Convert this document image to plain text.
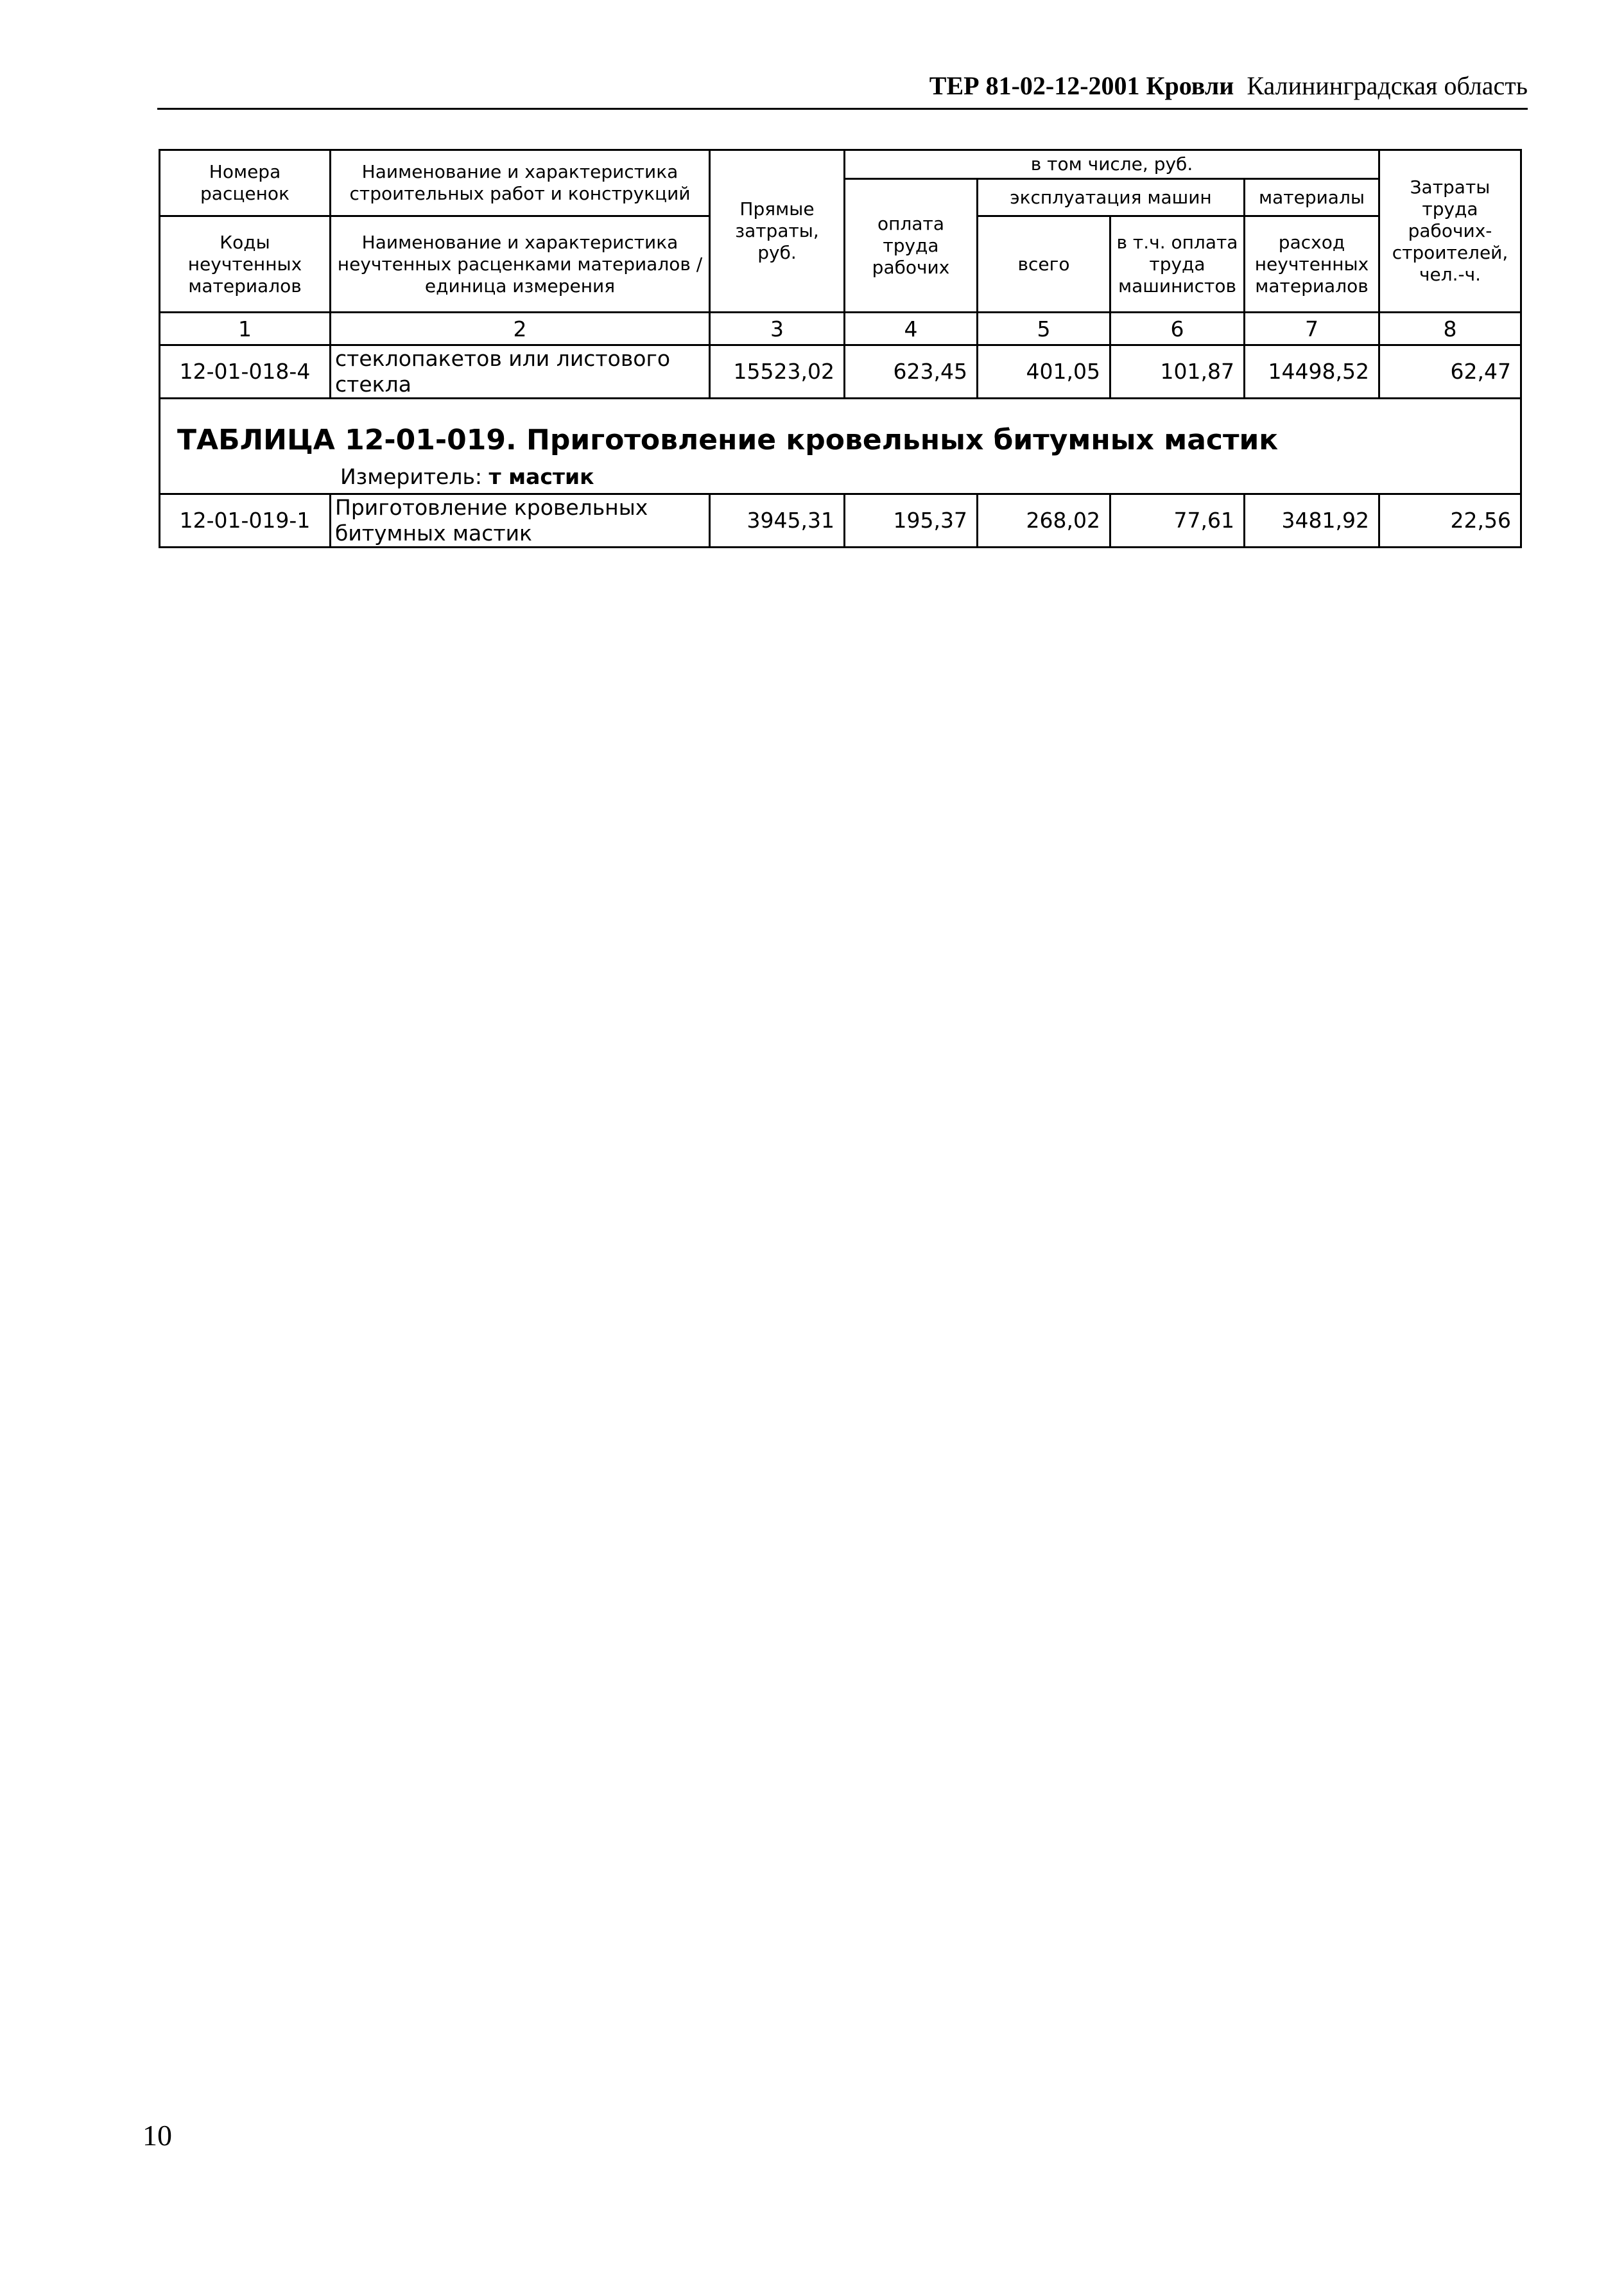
ТЕР 81-02-12-2001 Кровли Калининградская область
Номера расценок	Наименование и характеристика строительных работ и конструкций	Прямые затраты, руб.	в том числе, руб.				Затраты труда рабочих-строителей,
чел.-ч.
			оплата труда рабочих	эксплуатация машин		материалы	
Коды неучтенных материалов	Наименование и характеристика неучтенных расценками материалов / единица измерения			всего	в т.ч. оплата труда машинистов	расход неучтенных материалов	

1	2	3	4	5	6	7	8
12-01-018-4	стеклопакетов или листового стекла	15523,02	623,45	401,05	101,87	14498,52	62,47

ТАБЛИЦА 12-01-019. Приготовление кровельных битумных мастик
Измеритель: т мастик							

12-01-019-1	Приготовление кровельных битумных мастик	3945,31	195,37	268,02	77,61	3481,92	22,56
10
